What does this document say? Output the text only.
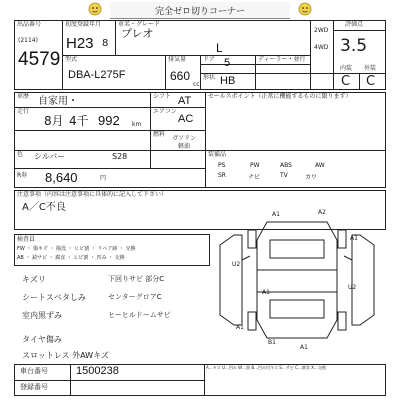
完全ゼロ切りコーナー
出品番号
(2114)
4579
初度登録年月
H23 8
車名・グレード
プレオ
L
2WD
4WD
評価点
3.5
型式
DBA-L275F
排気量
660
cc
ドア 5
形状 HB
ディーラー・並行
内装 外装
C C
車歴 自家用・	シフト AT
走行
8月 4千 992 km
エアコン
AC
燃料
ガソリン
軽油
色 シルバー	S28
R券 8,640	円
セールスポイント（正常に機能するものに限ります）
装備品
PS	PW	ABS	AW
SR	ナビ	TV	カワ
注意事項（内容は注意事項に具体的に記入して下さい）
A／C不良
検査員
FW ・ 傷キズ ・ 陥没 ・ ヒビ割 ・ リペア跡 ・ 交換
AB ・ 錆サビ ・ 腐食 ・ ヒビ割 ・ 凹み ・ 交換
キズリ
シートスベタしみ
室内黒ずみ
タイヤ傷み
スロットレス 外AWキズ
下回りサビ 部分C
センターグロアC
ヒーヒルドームサビ
A1	A2
A1
U2
A1
U2
A1
B1
A1
車台番号	1500238
登録番号
A…キズ U…凹み W…波 B…凹み付キズ S…サビ C…腐食 X…交換
